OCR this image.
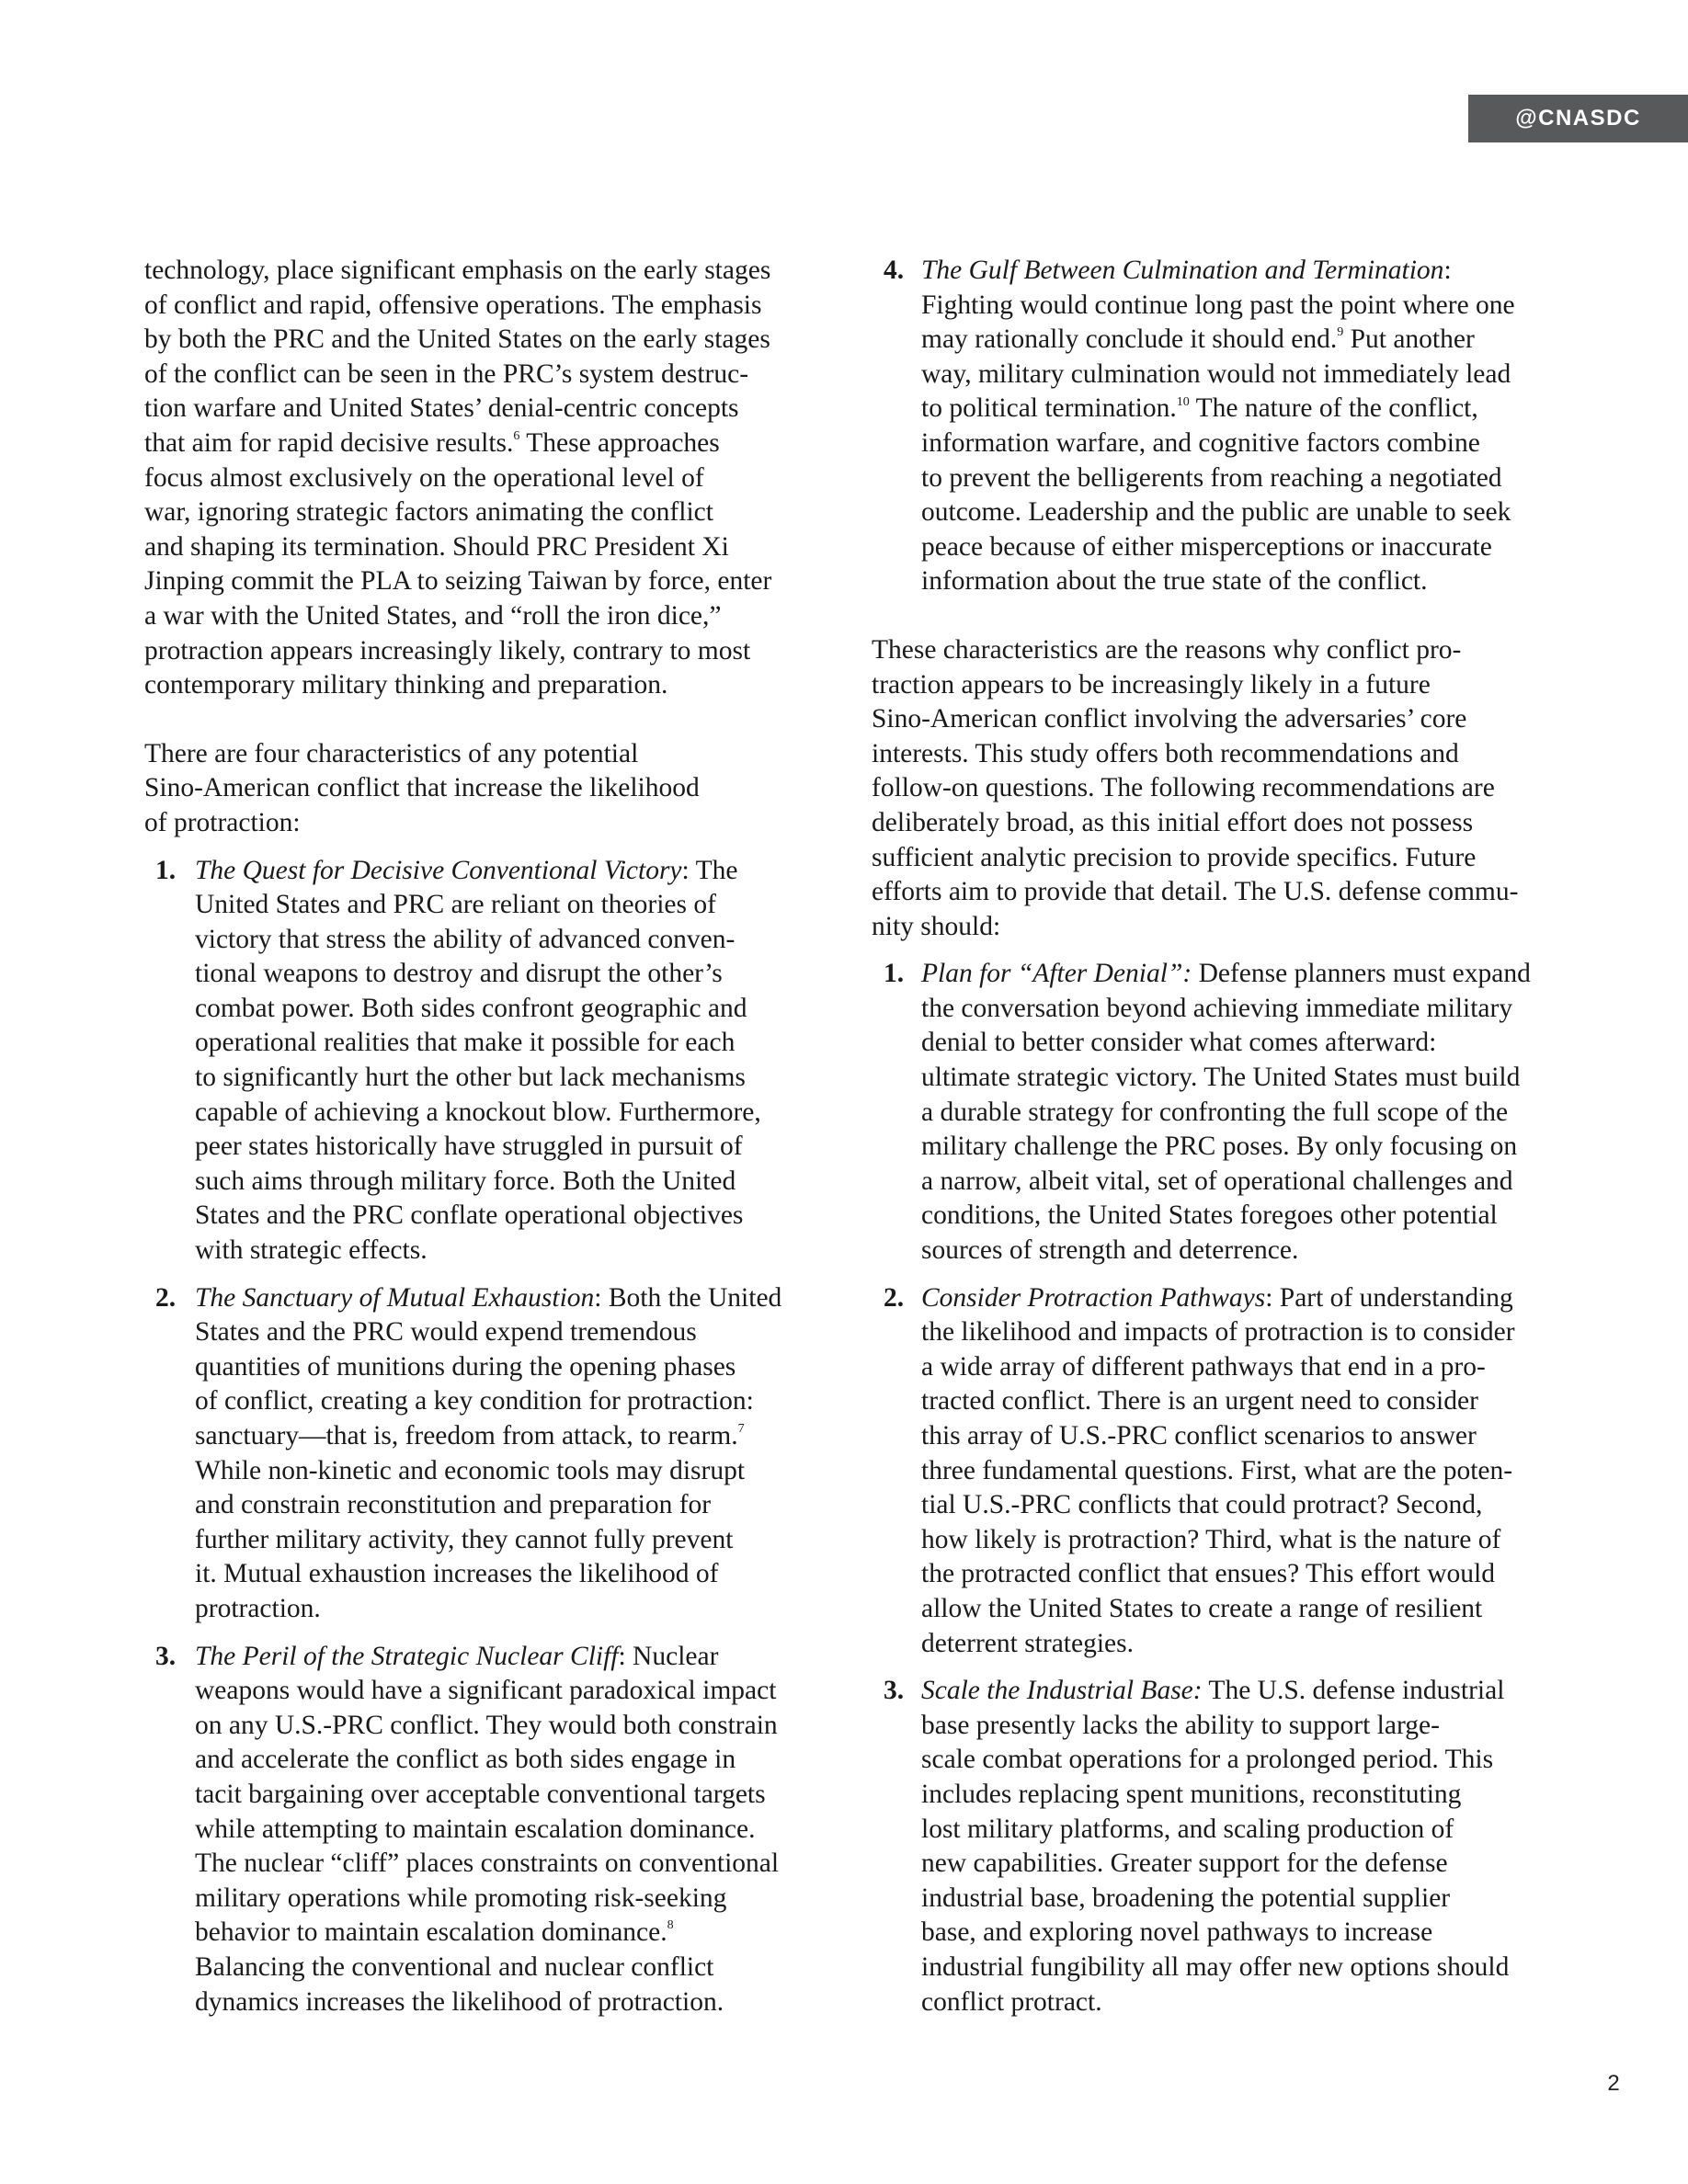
@CNASDC

technology, place significant emphasis on the early stages
of conflict and rapid, offensive operations. The emphasis
by both the PRC and the United States on the early stages
of the conflict can be seen in the PRC’s system destruc-
tion warfare and United States’ denial-centric concepts
that aim for rapid decisive results.$^6$ These approaches
focus almost exclusively on the operational level of
war, ignoring strategic factors animating the conflict
and shaping its termination. Should PRC President Xi
Jinping commit the PLA to seizing Taiwan by force, enter
a war with the United States, and “roll the iron dice,”
protraction appears increasingly likely, contrary to most
contemporary military thinking and preparation.

There are four characteristics of any potential
Sino-American conflict that increase the likelihood
of protraction:

1. The Quest for Decisive Conventional Victory: The
United States and PRC are reliant on theories of
victory that stress the ability of advanced conven-
tional weapons to destroy and disrupt the other’s
combat power. Both sides confront geographic and
operational realities that make it possible for each
to significantly hurt the other but lack mechanisms
capable of achieving a knockout blow. Furthermore,
peer states historically have struggled in pursuit of
such aims through military force. Both the United
States and the PRC conflate operational objectives
with strategic effects.
2. The Sanctuary of Mutual Exhaustion: Both the United
States and the PRC would expend tremendous
quantities of munitions during the opening phases
of conflict, creating a key condition for protraction:
sanctuary—that is, freedom from attack, to rearm.$^7$
While non-kinetic and economic tools may disrupt
and constrain reconstitution and preparation for
further military activity, they cannot fully prevent
it. Mutual exhaustion increases the likelihood of
protraction.
3. The Peril of the Strategic Nuclear Cliff: Nuclear
weapons would have a significant paradoxical impact
on any U.S.-PRC conflict. They would both constrain
and accelerate the conflict as both sides engage in
tacit bargaining over acceptable conventional targets
while attempting to maintain escalation dominance.
The nuclear “cliff” places constraints on conventional
military operations while promoting risk-seeking
behavior to maintain escalation dominance.$^8$
Balancing the conventional and nuclear conflict
dynamics increases the likelihood of protraction.
4. The Gulf Between Culmination and Termination:
Fighting would continue long past the point where one
may rationally conclude it should end.$^9$ Put another
way, military culmination would not immediately lead
to political termination.$^{10}$ The nature of the conflict,
information warfare, and cognitive factors combine
to prevent the belligerents from reaching a negotiated
outcome. Leadership and the public are unable to seek
peace because of either misperceptions or inaccurate
information about the true state of the conflict.

These characteristics are the reasons why conflict pro-
traction appears to be increasingly likely in a future
Sino-American conflict involving the adversaries’ core
interests. This study offers both recommendations and
follow-on questions. The following recommendations are
deliberately broad, as this initial effort does not possess
sufficient analytic precision to provide specifics. Future
efforts aim to provide that detail. The U.S. defense commu-
nity should:

1. Plan for “After Denial”: Defense planners must expand
the conversation beyond achieving immediate military
denial to better consider what comes afterward:
ultimate strategic victory. The United States must build
a durable strategy for confronting the full scope of the
military challenge the PRC poses. By only focusing on
a narrow, albeit vital, set of operational challenges and
conditions, the United States foregoes other potential
sources of strength and deterrence.
2. Consider Protraction Pathways: Part of understanding
the likelihood and impacts of protraction is to consider
a wide array of different pathways that end in a pro-
tracted conflict. There is an urgent need to consider
this array of U.S.-PRC conflict scenarios to answer
three fundamental questions. First, what are the poten-
tial U.S.-PRC conflicts that could protract? Second,
how likely is protraction? Third, what is the nature of
the protracted conflict that ensues? This effort would
allow the United States to create a range of resilient
deterrent strategies.
3. Scale the Industrial Base: The U.S. defense industrial
base presently lacks the ability to support large-
scale combat operations for a prolonged period. This
includes replacing spent munitions, reconstituting
lost military platforms, and scaling production of
new capabilities. Greater support for the defense
industrial base, broadening the potential supplier
base, and exploring novel pathways to increase
industrial fungibility all may offer new options should
conflict protract.
2
